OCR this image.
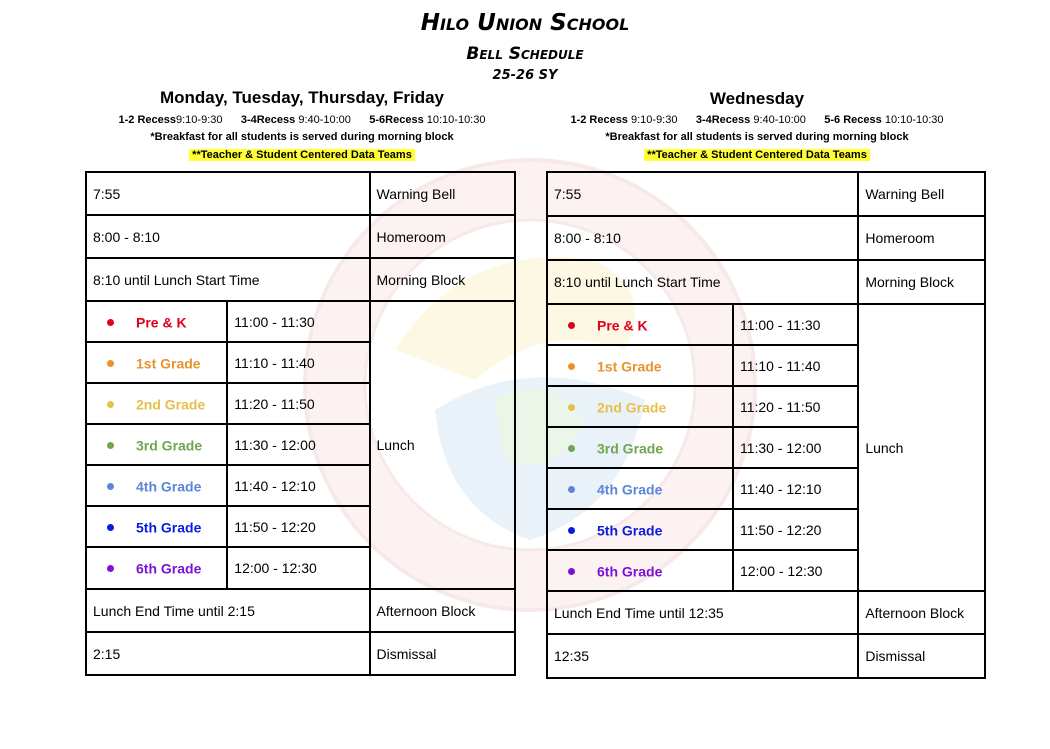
Hilo Union School
Bell Schedule
25-26 SY
Monday, Tuesday, Thursday, Friday
1-2 Recess9:10-9:30 3-4Recess 9:40-10:00 5-6Recess 10:10-10:30
*Breakfast for all students is served during morning block
**Teacher & Student Centered Data Teams
Wednesday
1-2 Recess 9:10-9:30 3-4Recess 9:40-10:00 5-6 Recess 10:10-10:30
*Breakfast for all students is served during morning block
**Teacher & Student Centered Data Teams
7:55		Warning Bell
8:00 - 8:10		Homeroom
8:10 until Lunch Start Time		Morning Block
Pre & K	11:00 - 11:30	Lunch
1st Grade	11:10 - 11:40	
2nd Grade	11:20 - 11:50	
3rd Grade	11:30 - 12:00	
4th Grade	11:40 - 12:10	
5th Grade	11:50 - 12:20	
6th Grade	12:00 - 12:30	
Lunch End Time until 2:15		Afternoon Block
2:15		Dismissal
7:55		Warning Bell
8:00 - 8:10		Homeroom
8:10 until Lunch Start Time		Morning Block
Pre & K	11:00 - 11:30	Lunch
1st Grade	11:10 - 11:40	
2nd Grade	11:20 - 11:50	
3rd Grade	11:30 - 12:00	
4th Grade	11:40 - 12:10	
5th Grade	11:50 - 12:20	
6th Grade	12:00 - 12:30	
Lunch End Time until 12:35		Afternoon Block
12:35		Dismissal
